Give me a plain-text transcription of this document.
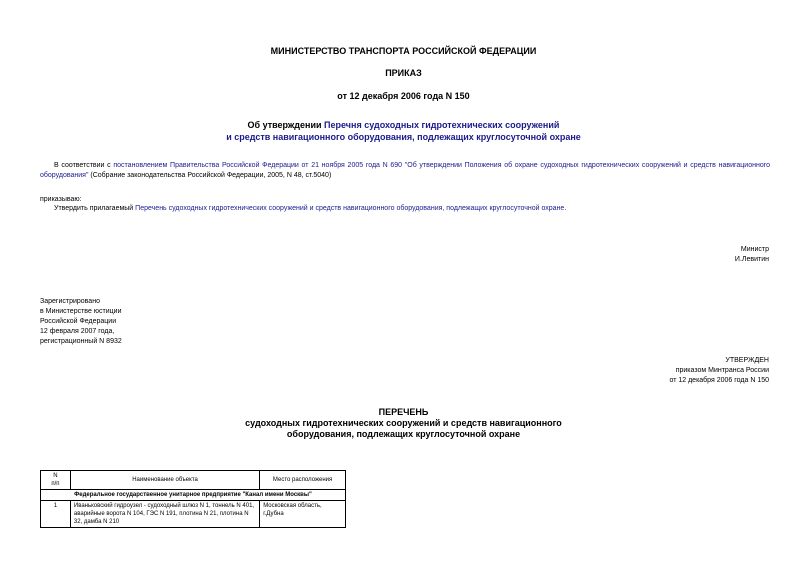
МИНИСТЕРСТВО ТРАНСПОРТА РОССИЙСКОЙ ФЕДЕРАЦИИ
ПРИКАЗ
от 12 декабря 2006 года N 150
Об утверждении Перечня судоходных гидротехнических сооружений
и средств навигационного оборудования, подлежащих круглосуточной охране
В соответствии с постановлением Правительства Российской Федерации от 21 ноября 2005 года N 690 "Об утверждении Положения об охране судоходных гидротехнических сооружений и средств навигационного оборудования" (Собрание законодательства Российской Федерации, 2005, N 48, ст.5040)
приказываю:
Утвердить прилагаемый Перечень судоходных гидротехнических сооружений и средств навигационного оборудования, подлежащих круглосуточной охране.
Министр
И.Левитин
Зарегистрировано
в Министерстве юстиции
Российской Федерации
12 февраля 2007 года,
регистрационный N 8932
УТВЕРЖДЕН
приказом Минтранса России
от 12 декабря 2006 года N 150
ПЕРЕЧЕНЬ
судоходных гидротехнических сооружений и средств навигационного
оборудования, подлежащих круглосуточной охране
N
п/п	Наименование объекта	Место расположения
Федеральное государственное унитарное предприятие "Канал имени Москвы"		
1	Иваньковский гидроузел - судоходный шлюз N 1, тоннель N 401, аварийные ворота N 104, ГЭС N 191, плотина N 21, плотина N 32, дамба N 210	Московская область, г.Дубна
